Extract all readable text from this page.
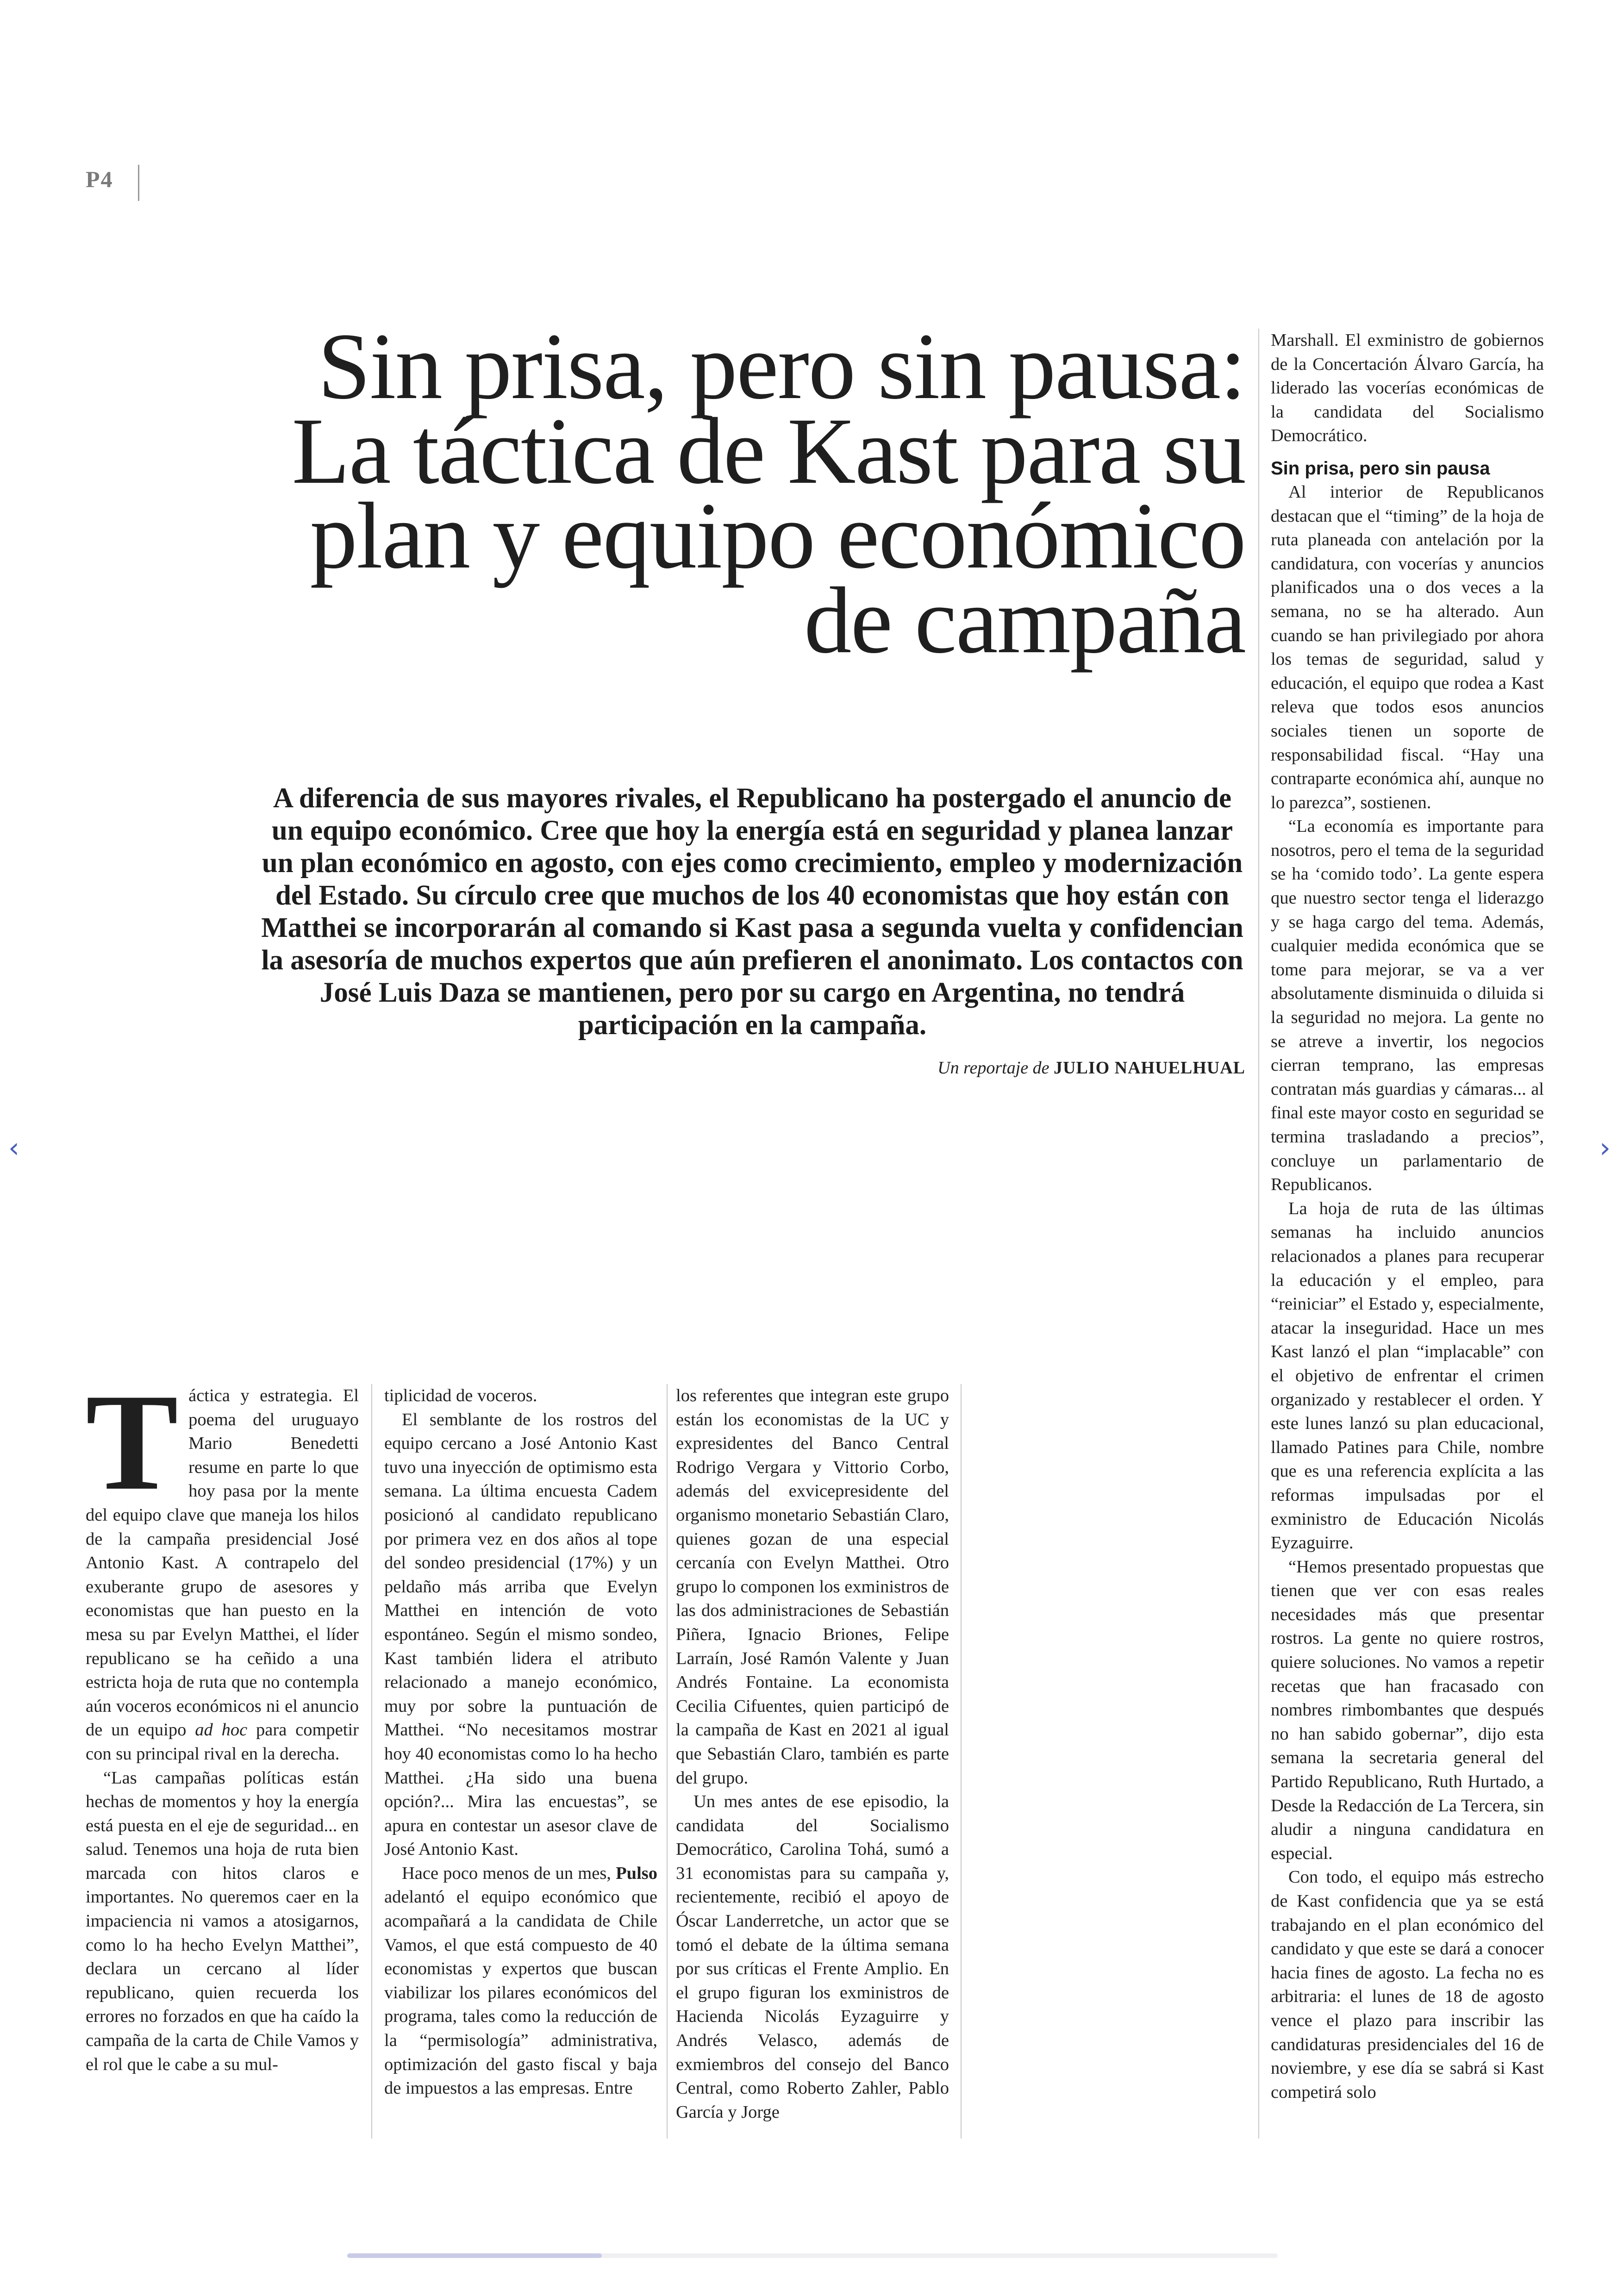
P4
Sin prisa, pero sin pausa:
La táctica de Kast para su
plan y equipo económico
de campaña

A diferencia de sus mayores rivales, el Republicano ha postergado el anuncio de un equipo económico. Cree que hoy la energía está en seguridad y planea lanzar un plan económico en agosto, con ejes como crecimiento, empleo y modernización del Estado. Su círculo cree que muchos de los 40 economistas que hoy están con Matthei se incorporarán al comando si Kast pasa a segunda vuelta y confidencian la asesoría de muchos expertos que aún prefieren el anonimato. Los contactos con José Luis Daza se mantienen, pero por su cargo en Argentina, no tendrá participación en la campaña.

Un reportaje de JULIO NAHUELHUAL
T áctica y estrategia. El poema del uruguayo Mario Benedetti resume en parte lo que hoy pasa por la mente del equipo clave que maneja los hilos de la campaña presidencial José Antonio Kast. A contrapelo del exuberante grupo de asesores y economistas que han puesto en la mesa su par Evelyn Matthei, el líder republicano se ha ceñido a una estricta hoja de ruta que no contempla aún voceros económicos ni el anuncio de un equipo ad hoc para competir con su principal rival en la derecha.

“Las campañas políticas están hechas de momentos y hoy la energía está puesta en el eje de seguridad... en salud. Tenemos una hoja de ruta bien marcada con hitos claros e importantes. No queremos caer en la impaciencia ni vamos a atosigarnos, como lo ha hecho Evelyn Matthei”, declara un cercano al líder republicano, quien recuerda los errores no forzados en que ha caído la campaña de la carta de Chile Vamos y el rol que le cabe a su mul-

tiplicidad de voceros.

El semblante de los rostros del equipo cercano a José Antonio Kast tuvo una inyección de optimismo esta semana. La última encuesta Cadem posicionó al candidato republicano por primera vez en dos años al tope del sondeo presidencial (17%) y un peldaño más arriba que Evelyn Matthei en intención de voto espontáneo. Según el mismo sondeo, Kast también lidera el atributo relacionado a manejo económico, muy por sobre la puntuación de Matthei. “No necesitamos mostrar hoy 40 economistas como lo ha hecho Matthei. ¿Ha sido una buena opción?... Mira las encuestas”, se apura en contestar un asesor clave de José Antonio Kast.

Hace poco menos de un mes, Pulso adelantó el equipo económico que acompañará a la candidata de Chile Vamos, el que está compuesto de 40 economistas y expertos que buscan viabilizar los pilares económicos del programa, tales como la reducción de la “permisología” administrativa, optimización del gasto fiscal y baja de impuestos a las empresas. Entre

los referentes que integran este grupo están los economistas de la UC y expresidentes del Banco Central Rodrigo Vergara y Vittorio Corbo, además del exvicepresidente del organismo monetario Sebastián Claro, quienes gozan de una especial cercanía con Evelyn Matthei. Otro grupo lo componen los exministros de las dos administraciones de Sebastián Piñera, Ignacio Briones, Felipe Larraín, José Ramón Valente y Juan Andrés Fontaine. La economista Cecilia Cifuentes, quien participó de la campaña de Kast en 2021 al igual que Sebastián Claro, también es parte del grupo.

Un mes antes de ese episodio, la candidata del Socialismo Democrático, Carolina Tohá, sumó a 31 economistas para su campaña y, recientemente, recibió el apoyo de Óscar Landerretche, un actor que se tomó el debate de la última semana por sus críticas el Frente Amplio. En el grupo figuran los exministros de Hacienda Nicolás Eyzaguirre y Andrés Velasco, además de exmiembros del consejo del Banco Central, como Roberto Zahler, Pablo García y Jorge

Marshall. El exministro de gobiernos de la Concertación Álvaro García, ha liderado las vocerías económicas de la candidata del Socialismo Democrático.

Sin prisa, pero sin pausa

Al interior de Republicanos destacan que el “timing” de la hoja de ruta planeada con antelación por la candidatura, con vocerías y anuncios planificados una o dos veces a la semana, no se ha alterado. Aun cuando se han privilegiado por ahora los temas de seguridad, salud y educación, el equipo que rodea a Kast releva que todos esos anuncios sociales tienen un soporte de responsabilidad fiscal. “Hay una contraparte económica ahí, aunque no lo parezca”, sostienen.

“La economía es importante para nosotros, pero el tema de la seguridad se ha ‘comido todo’. La gente espera que nuestro sector tenga el liderazgo y se haga cargo del tema. Además, cualquier medida económica que se tome para mejorar, se va a ver absolutamente disminuida o diluida si la seguridad no mejora. La gente no se atreve a invertir, los negocios cierran temprano, las empresas contratan más guardias y cámaras... al final este mayor costo en seguridad se termina trasladando a precios”, concluye un parlamentario de Republicanos.

La hoja de ruta de las últimas semanas ha incluido anuncios relacionados a planes para recuperar la educación y el empleo, para “reiniciar” el Estado y, especialmente, atacar la inseguridad. Hace un mes Kast lanzó el plan “implacable” con el objetivo de enfrentar el crimen organizado y restablecer el orden. Y este lunes lanzó su plan educacional, llamado Patines para Chile, nombre que es una referencia explícita a las reformas impulsadas por el exministro de Educación Nicolás Eyzaguirre.

“Hemos presentado propuestas que tienen que ver con esas reales necesidades más que presentar rostros. La gente no quiere rostros, quiere soluciones. No vamos a repetir recetas que han fracasado con nombres rimbombantes que después no han sabido gobernar”, dijo esta semana la secretaria general del Partido Republicano, Ruth Hurtado, a Desde la Redacción de La Tercera, sin aludir a ninguna candidatura en especial.

Con todo, el equipo más estrecho de Kast confidencia que ya se está trabajando en el plan económico del candidato y que este se dará a conocer hacia fines de agosto. La fecha no es arbitraria: el lunes de 18 de agosto vence el plazo para inscribir las candidaturas presidenciales del 16 de noviembre, y ese día se sabrá si Kast competirá solo

‹	›
